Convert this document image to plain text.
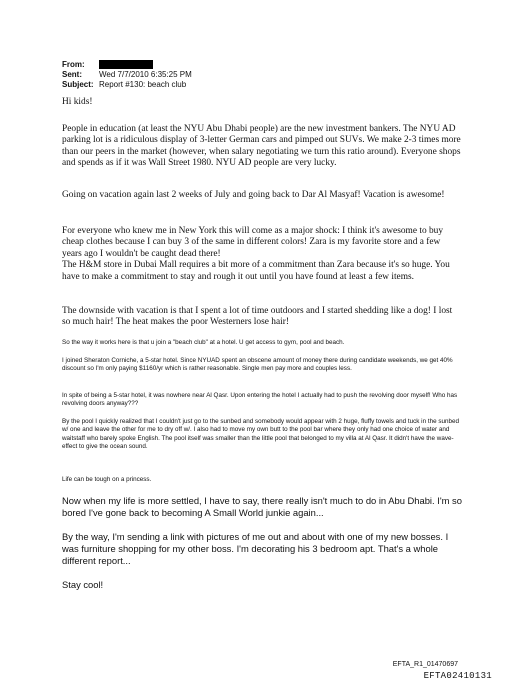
From:
Sent:	Wed 7/7/2010 6:35:25 PM
Subject: Report #130: beach club

Hi kids!

People in education (at least the NYU Abu Dhabi people) are the new investment bankers. The NYU AD parking lot is a ridiculous display of 3-letter German cars and pimped out SUVs. We make 2-3 times more than our peers in the market (however, when salary negotiating we turn this ratio around). Everyone shops and spends as if it was Wall Street 1980. NYU AD people are very lucky.

Going on vacation again last 2 weeks of July and going back to Dar Al Masyaf! Vacation is awesome!

For everyone who knew me in New York this will come as a major shock: I think it's awesome to buy cheap clothes because I can buy 3 of the same in different colors! Zara is my favorite store and a few years ago I wouldn't be caught dead there!

The H&M store in Dubai Mall requires a bit more of a commitment than Zara because it's so huge. You have to make a commitment to stay and rough it out until you have found at least a few items.

The downside with vacation is that I spent a lot of time outdoors and I started shedding like a dog! I lost so much hair! The heat makes the poor Westerners lose hair!

So the way it works here is that u join a "beach club" at a hotel. U get access to gym, pool and beach.

I joined Sheraton Corniche, a 5-star hotel. Since NYUAD spent an obscene amount of money there during candidate weekends, we get 40% discount so I'm only paying $1160/yr which is rather reasonable. Single men pay more and couples less.

In spite of being a 5-star hotel, it was nowhere near Al Qasr. Upon entering the hotel I actually had to push the revolving door myself! Who has revolving doors anyway???

By the pool I quickly realized that I couldn't just go to the sunbed and somebody would appear with 2 huge, fluffy towels and tuck in the sunbed w/ one and leave the other for me to dry off w/. I also had to move my own butt to the pool bar where they only had one choice of water and waitstaff who barely spoke English. The pool itself was smaller than the little pool that belonged to my villa at Al Qasr. It didn't have the wave-effect to give the ocean sound.

Life can be tough on a princess.

Now when my life is more settled, I have to say, there really isn't much to do in Abu Dhabi. I'm so bored I've gone back to becoming A Small World junkie again...

By the way, I'm sending a link with pictures of me out and about with one of my new bosses. I was furniture shopping for my other boss. I'm decorating his 3 bedroom apt. That's a whole different report...

Stay cool!

EFTA_R1_01470697
EFTA02410131
